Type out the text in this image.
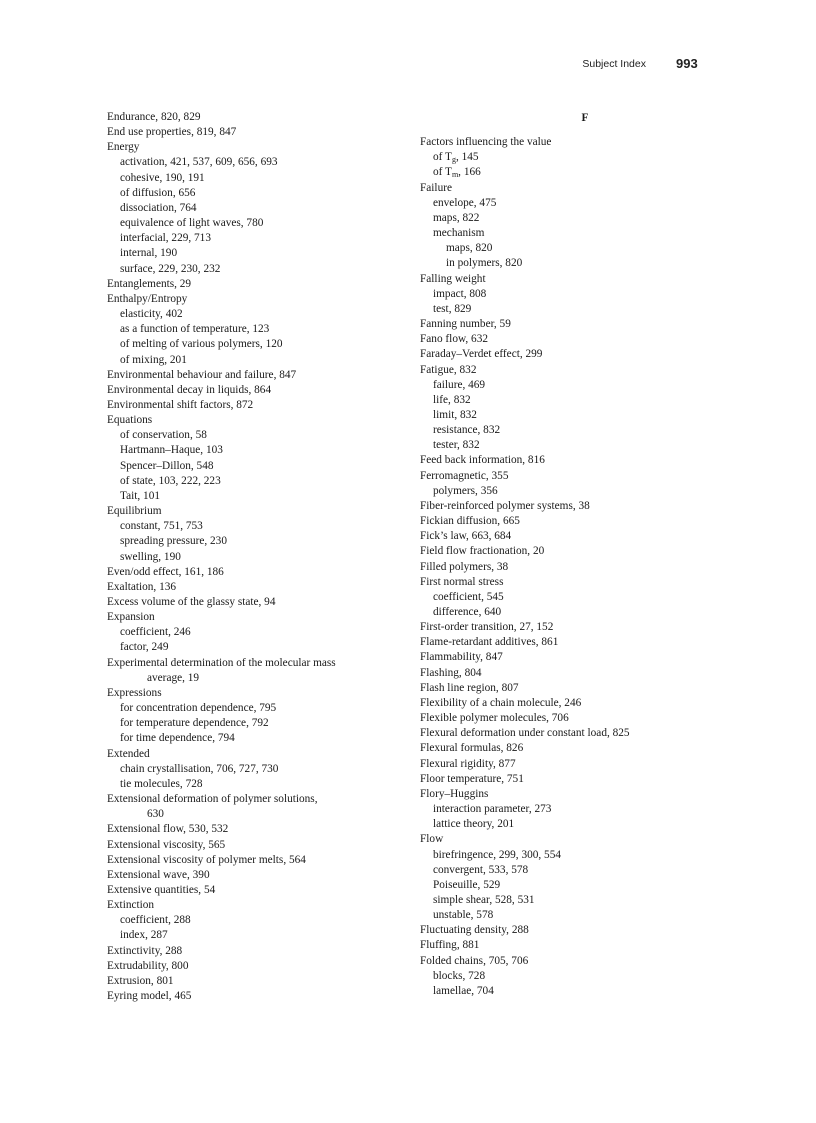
Subject Index 993
Endurance, 820, 829
End use properties, 819, 847
Energy
activation, 421, 537, 609, 656, 693
cohesive, 190, 191
of diffusion, 656
dissociation, 764
equivalence of light waves, 780
interfacial, 229, 713
internal, 190
surface, 229, 230, 232
Entanglements, 29
Enthalpy/Entropy
elasticity, 402
as a function of temperature, 123
of melting of various polymers, 120
of mixing, 201
Environmental behaviour and failure, 847
Environmental decay in liquids, 864
Environmental shift factors, 872
Equations
of conservation, 58
Hartmann–Haque, 103
Spencer–Dillon, 548
of state, 103, 222, 223
Tait, 101
Equilibrium
constant, 751, 753
spreading pressure, 230
swelling, 190
Even/odd effect, 161, 186
Exaltation, 136
Excess volume of the glassy state, 94
Expansion
coefficient, 246
factor, 249
Experimental determination of the molecular mass
average, 19
Expressions
for concentration dependence, 795
for temperature dependence, 792
for time dependence, 794
Extended
chain crystallisation, 706, 727, 730
tie molecules, 728
Extensional deformation of polymer solutions,
630
Extensional flow, 530, 532
Extensional viscosity, 565
Extensional viscosity of polymer melts, 564
Extensional wave, 390
Extensive quantities, 54
Extinction
coefficient, 288
index, 287
Extinctivity, 288
Extrudability, 800
Extrusion, 801
Eyring model, 465
F
Factors influencing the value
of $T_g$, 145
of $T_m$, 166
Failure
envelope, 475
maps, 822
mechanism
maps, 820
in polymers, 820
Falling weight
impact, 808
test, 829
Fanning number, 59
Fano flow, 632
Faraday–Verdet effect, 299
Fatigue, 832
failure, 469
life, 832
limit, 832
resistance, 832
tester, 832
Feed back information, 816
Ferromagnetic, 355
polymers, 356
Fiber-reinforced polymer systems, 38
Fickian diffusion, 665
Fick’s law, 663, 684
Field flow fractionation, 20
Filled polymers, 38
First normal stress
coefficient, 545
difference, 640
First-order transition, 27, 152
Flame-retardant additives, 861
Flammability, 847
Flashing, 804
Flash line region, 807
Flexibility of a chain molecule, 246
Flexible polymer molecules, 706
Flexural deformation under constant load, 825
Flexural formulas, 826
Flexural rigidity, 877
Floor temperature, 751
Flory–Huggins
interaction parameter, 273
lattice theory, 201
Flow
birefringence, 299, 300, 554
convergent, 533, 578
Poiseuille, 529
simple shear, 528, 531
unstable, 578
Fluctuating density, 288
Fluffing, 881
Folded chains, 705, 706
blocks, 728
lamellae, 704
